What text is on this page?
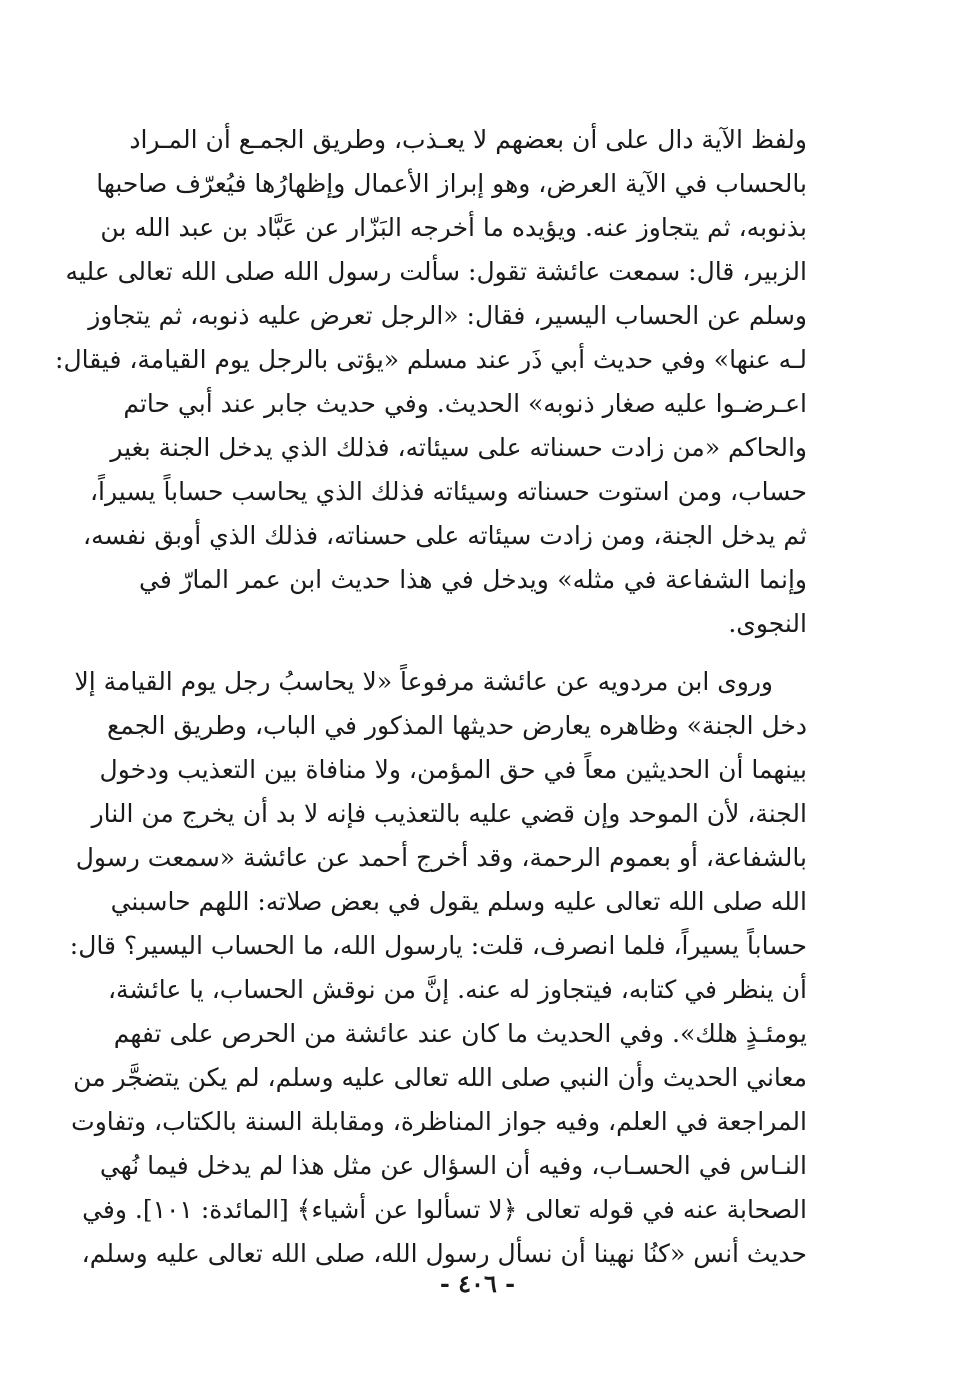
ولفظ الآية دال على أن بعضهم لا يعـذب، وطريق الجمـع أن المـراد
بالحساب في الآية العرض، وهو إبراز الأعمال وإظهارُها فيُعرّف صاحبها
بذنوبه، ثم يتجاوز عنه. ويؤيده ما أخرجه البَزّار عن عَبَّاد بن عبد الله بن
الزبير، قال: سمعت عائشة تقول: سألت رسول الله صلى الله تعالى عليه
وسلم عن الحساب اليسير، فقال: «الرجل تعرض عليه ذنوبه، ثم يتجاوز
لـه عنها» وفي حديث أبي ذَر عند مسلم «يؤتى بالرجل يوم القيامة، فيقال:
اعـرضـوا عليه صغار ذنوبه» الحديث. وفي حديث جابر عند أبي حاتم
والحاكم «من زادت حسناته على سيئاته، فذلك الذي يدخل الجنة بغير
حساب، ومن استوت حسناته وسيئاته فذلك الذي يحاسب حساباً يسيراً،
ثم يدخل الجنة، ومن زادت سيئاته على حسناته، فذلك الذي أوبق نفسه،
وإنما الشفاعة في مثله» ويدخل في هذا حديث ابن عمر المارّ في
النجوى.
وروى ابن مردويه عن عائشة مرفوعاً «لا يحاسبُ رجل يوم القيامة إلا
دخل الجنة» وظاهره يعارض حديثها المذكور في الباب، وطريق الجمع
بينهما أن الحديثين معاً في حق المؤمن، ولا منافاة بين التعذيب ودخول
الجنة، لأن الموحد وإن قضي عليه بالتعذيب فإنه لا بد أن يخرج من النار
بالشفاعة، أو بعموم الرحمة، وقد أخرج أحمد عن عائشة «سمعت رسول
الله صلى الله تعالى عليه وسلم يقول في بعض صلاته: اللهم حاسبني
حساباً يسيراً، فلما انصرف، قلت: يارسول الله، ما الحساب اليسير؟ قال:
أن ينظر في كتابه، فيتجاوز له عنه. إنَّ من نوقش الحساب، يا عائشة،
يومئـذٍ هلك». وفي الحديث ما كان عند عائشة من الحرص على تفهم
معاني الحديث وأن النبي صلى الله تعالى عليه وسلم، لم يكن يتضجَّر من
المراجعة في العلم، وفيه جواز المناظرة، ومقابلة السنة بالكتاب، وتفاوت
النـاس في الحسـاب، وفيه أن السؤال عن مثل هذا لم يدخل فيما نُهي
الصحابة عنه في قوله تعالى ﴿لا تسألوا عن أشياء﴾ [المائدة: ١٠١]. وفي
حديث أنس «كنُا نهينا أن نسأل رسول الله، صلى الله تعالى عليه وسلم،
- ٤٠٦ -
